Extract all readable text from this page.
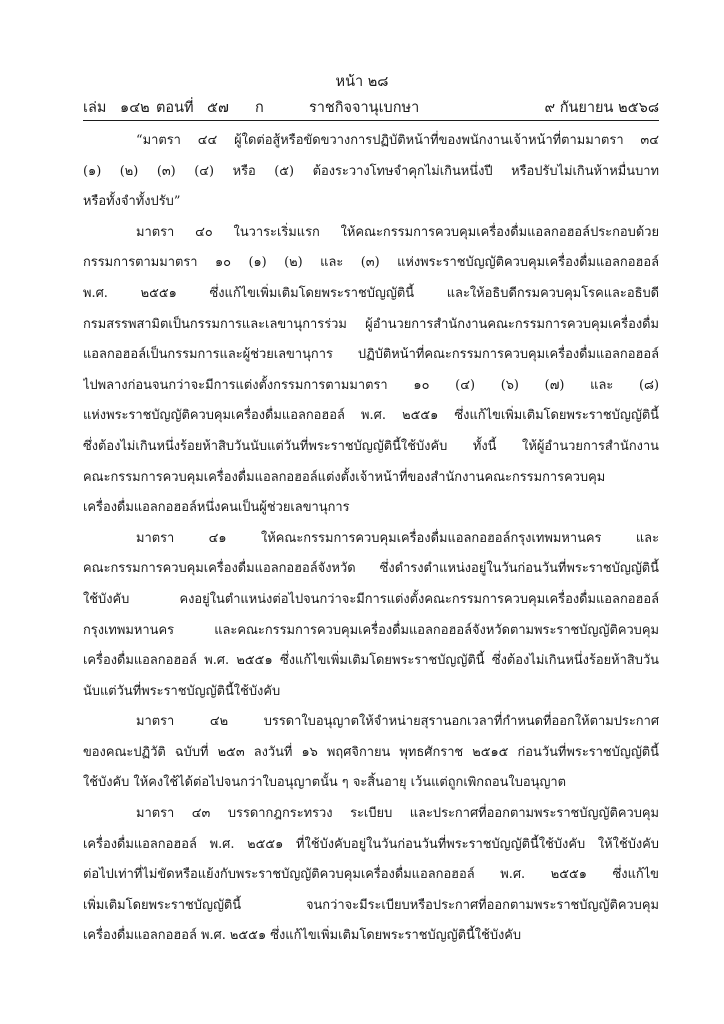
หน้า ๒๘
เล่ม ๑๔๒ ตอนที่ ๕๗ ก	ราชกิจจานุเบกษา	๙ กันยายน ๒๕๖๘
“มาตรา ๔๔ ผู้ใดต่อสู้หรือขัดขวางการปฏิบัติหน้าที่ของพนักงานเจ้าหน้าที่ตามมาตรา ๓๔
(๑) (๒) (๓) (๔) หรือ (๕) ต้องระวางโทษจำคุกไม่เกินหนึ่งปี หรือปรับไม่เกินห้าหมื่นบาท
หรือทั้งจำทั้งปรับ”
มาตรา ๔๐ ในวาระเริ่มแรก ให้คณะกรรมการควบคุมเครื่องดื่มแอลกอฮอล์ประกอบด้วย
กรรมการตามมาตรา ๑๐ (๑) (๒) และ (๓) แห่งพระราชบัญญัติควบคุมเครื่องดื่มแอลกอฮอล์
พ.ศ. ๒๕๕๑ ซึ่งแก้ไขเพิ่มเติมโดยพระราชบัญญัตินี้ และให้อธิบดีกรมควบคุมโรคและอธิบดี
กรมสรรพสามิตเป็นกรรมการและเลขานุการร่วม ผู้อำนวยการสำนักงานคณะกรรมการควบคุมเครื่องดื่ม
แอลกอฮอล์เป็นกรรมการและผู้ช่วยเลขานุการ ปฏิบัติหน้าที่คณะกรรมการควบคุมเครื่องดื่มแอลกอฮอล์
ไปพลางก่อนจนกว่าจะมีการแต่งตั้งกรรมการตามมาตรา ๑๐ (๔) (๖) (๗) และ (๘)
แห่งพระราชบัญญัติควบคุมเครื่องดื่มแอลกอฮอล์ พ.ศ. ๒๕๕๑ ซึ่งแก้ไขเพิ่มเติมโดยพระราชบัญญัตินี้
ซึ่งต้องไม่เกินหนึ่งร้อยห้าสิบวันนับแต่วันที่พระราชบัญญัตินี้ใช้บังคับ ทั้งนี้ ให้ผู้อำนวยการสำนักงาน
คณะกรรมการควบคุมเครื่องดื่มแอลกอฮอล์แต่งตั้งเจ้าหน้าที่ของสำนักงานคณะกรรมการควบคุม
เครื่องดื่มแอลกอฮอล์หนึ่งคนเป็นผู้ช่วยเลขานุการ
มาตรา ๔๑ ให้คณะกรรมการควบคุมเครื่องดื่มแอลกอฮอล์กรุงเทพมหานคร และ
คณะกรรมการควบคุมเครื่องดื่มแอลกอฮอล์จังหวัด ซึ่งดำรงตำแหน่งอยู่ในวันก่อนวันที่พระราชบัญญัตินี้
ใช้บังคับ คงอยู่ในตำแหน่งต่อไปจนกว่าจะมีการแต่งตั้งคณะกรรมการควบคุมเครื่องดื่มแอลกอฮอล์
กรุงเทพมหานคร และคณะกรรมการควบคุมเครื่องดื่มแอลกอฮอล์จังหวัดตามพระราชบัญญัติควบคุม
เครื่องดื่มแอลกอฮอล์ พ.ศ. ๒๕๕๑ ซึ่งแก้ไขเพิ่มเติมโดยพระราชบัญญัตินี้ ซึ่งต้องไม่เกินหนึ่งร้อยห้าสิบวัน
นับแต่วันที่พระราชบัญญัตินี้ใช้บังคับ
มาตรา ๔๒ บรรดาใบอนุญาตให้จำหน่ายสุรานอกเวลาที่กำหนดที่ออกให้ตามประกาศ
ของคณะปฏิวัติ ฉบับที่ ๒๕๓ ลงวันที่ ๑๖ พฤศจิกายน พุทธศักราช ๒๕๑๕ ก่อนวันที่พระราชบัญญัตินี้
ใช้บังคับ ให้คงใช้ได้ต่อไปจนกว่าใบอนุญาตนั้น ๆ จะสิ้นอายุ เว้นแต่ถูกเพิกถอนใบอนุญาต
มาตรา ๔๓ บรรดากฎกระทรวง ระเบียบ และประกาศที่ออกตามพระราชบัญญัติควบคุม
เครื่องดื่มแอลกอฮอล์ พ.ศ. ๒๕๕๑ ที่ใช้บังคับอยู่ในวันก่อนวันที่พระราชบัญญัตินี้ใช้บังคับ ให้ใช้บังคับ
ต่อไปเท่าที่ไม่ขัดหรือแย้งกับพระราชบัญญัติควบคุมเครื่องดื่มแอลกอฮอล์ พ.ศ. ๒๕๕๑ ซึ่งแก้ไข
เพิ่มเติมโดยพระราชบัญญัตินี้ จนกว่าจะมีระเบียบหรือประกาศที่ออกตามพระราชบัญญัติควบคุม
เครื่องดื่มแอลกอฮอล์ พ.ศ. ๒๕๕๑ ซึ่งแก้ไขเพิ่มเติมโดยพระราชบัญญัตินี้ใช้บังคับ
